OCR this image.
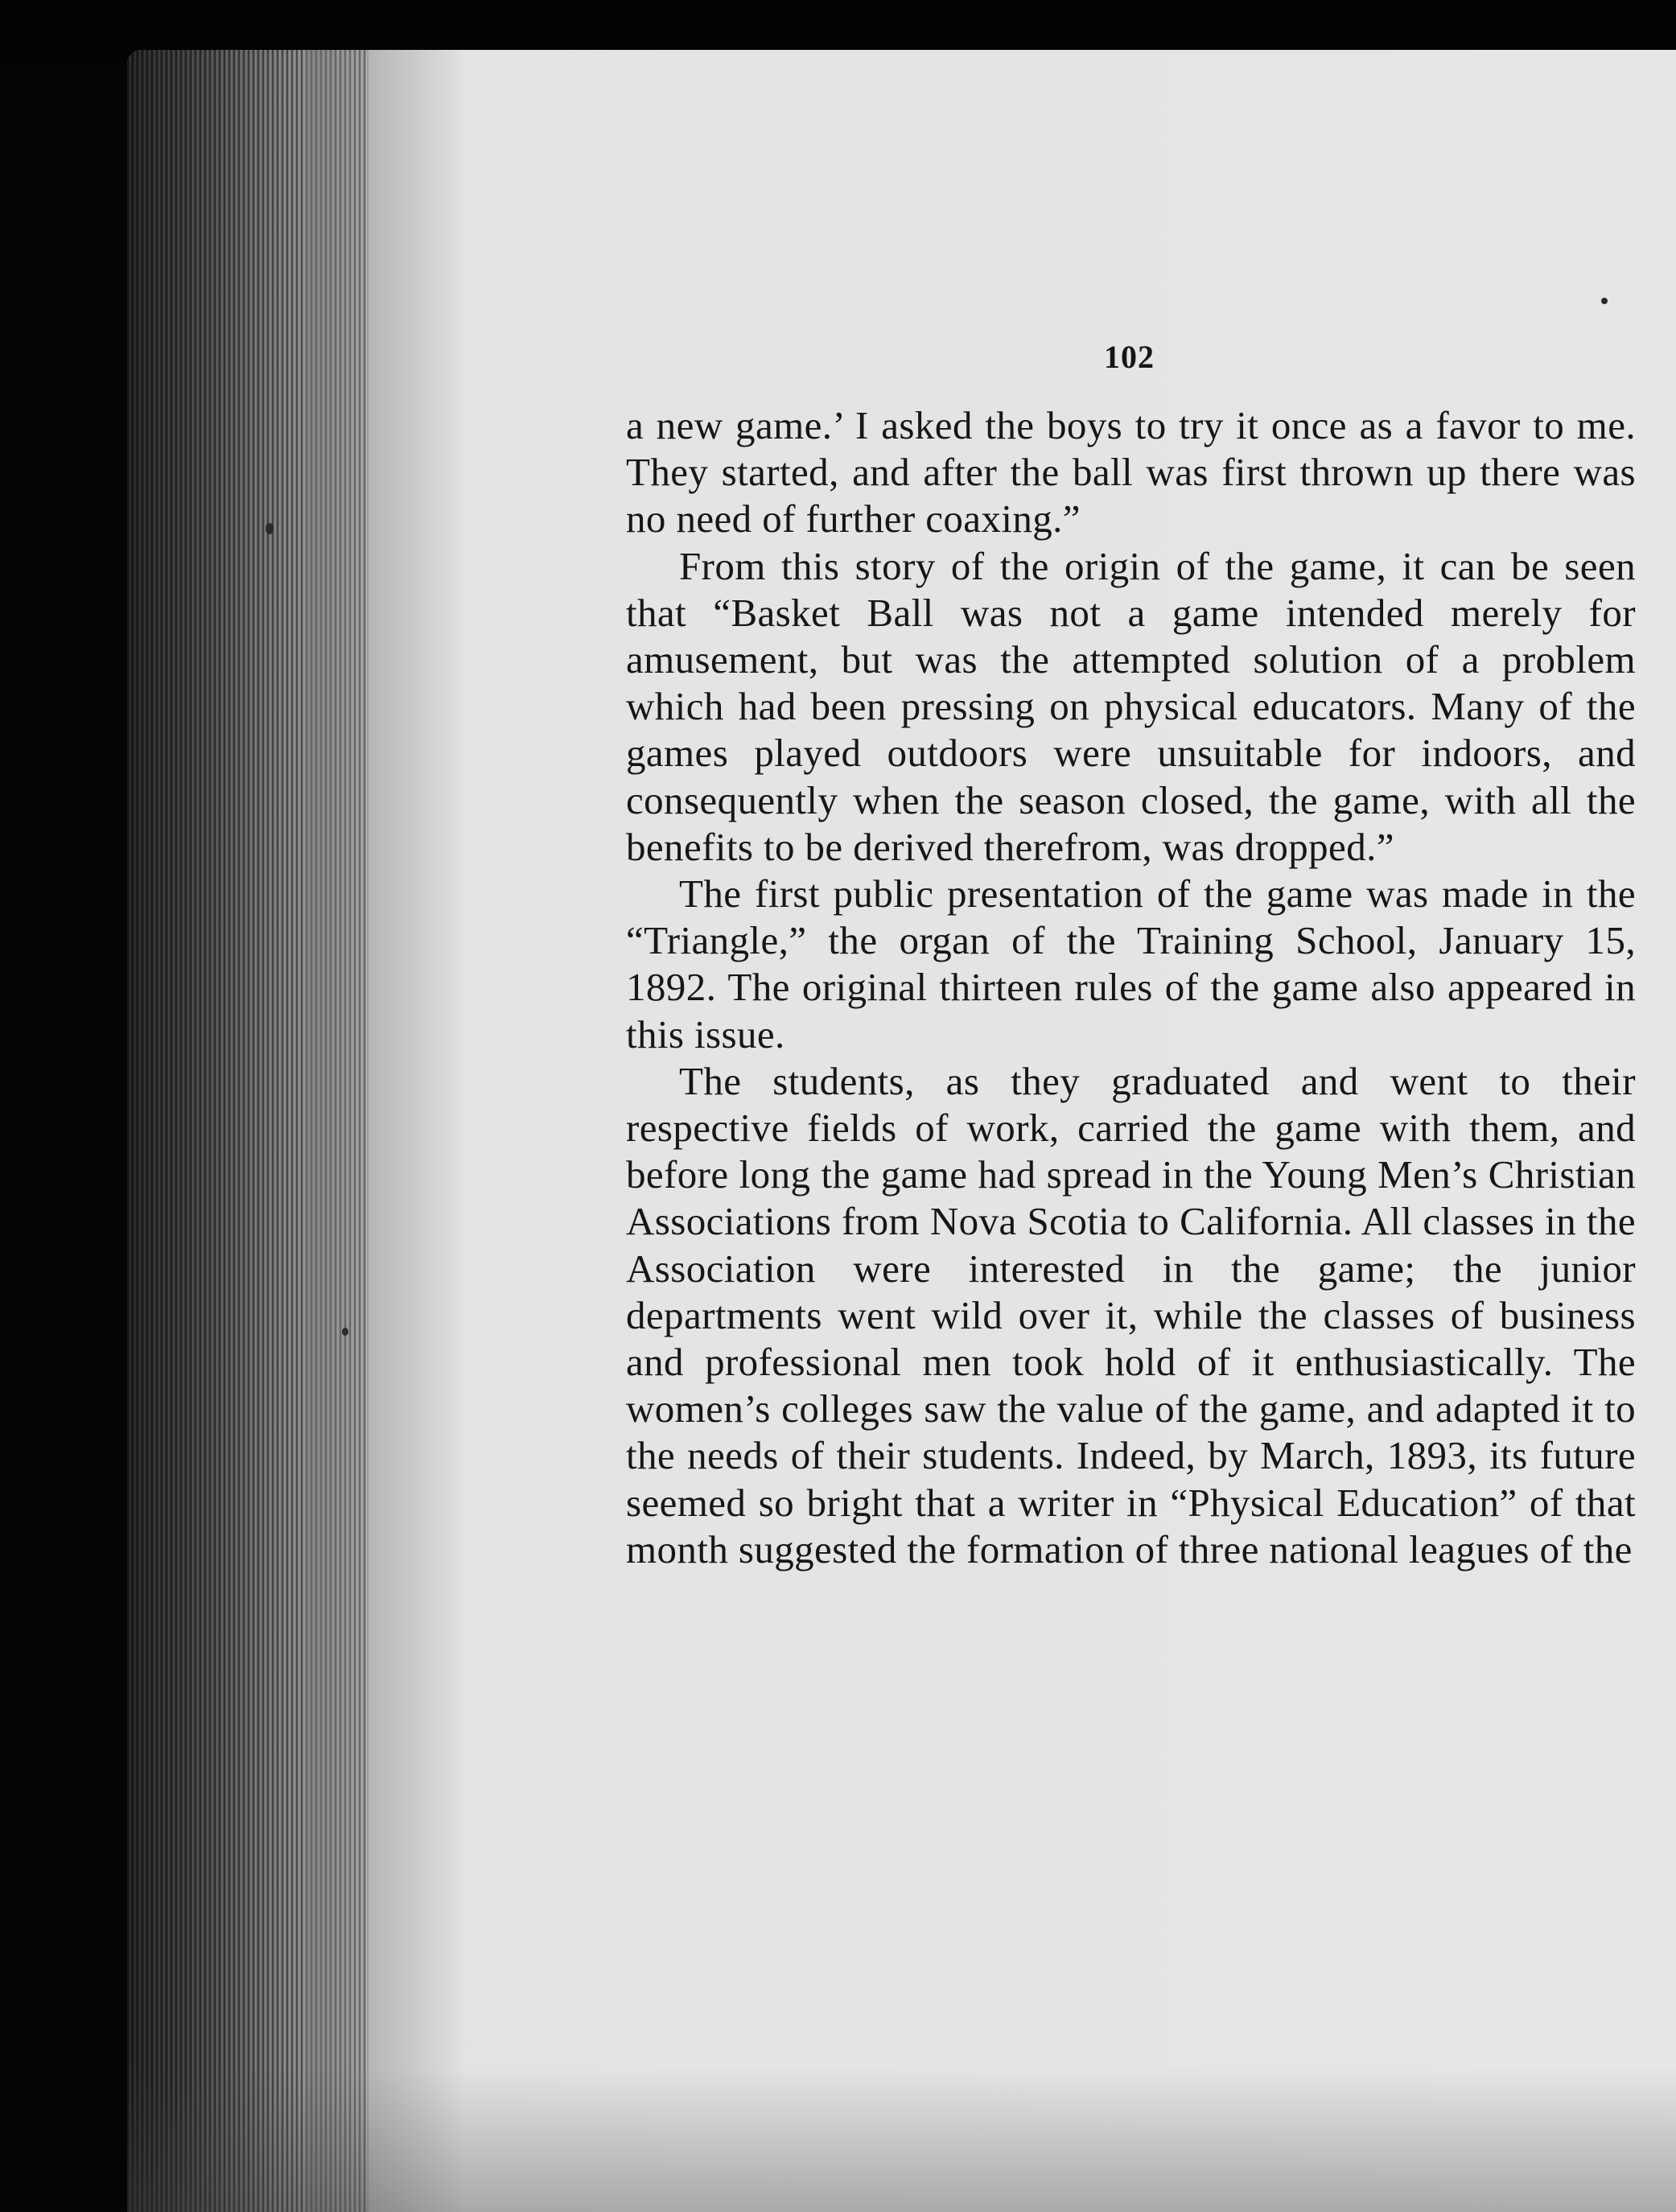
102

a new game.’ I asked the boys to try it once as a favor to me. They started, and after the ball was first thrown up there was no need of further coaxing.”

From this story of the origin of the game, it can be seen that “Basket Ball was not a game intended merely for amusement, but was the attempted solution of a problem which had been pressing on physical educators. Many of the games played outdoors were unsuitable for indoors, and consequently when the season closed, the game, with all the benefits to be derived therefrom, was dropped.”

The first public presentation of the game was made in the “Triangle,” the organ of the Training School, January 15, 1892. The original thirteen rules of the game also appeared in this issue.

The students, as they graduated and went to their respective fields of work, carried the game with them, and before long the game had spread in the Young Men’s Christian Associations from Nova Scotia to California. All classes in the Association were interested in the game; the junior departments went wild over it, while the classes of business and professional men took hold of it enthusiastically. The women’s colleges saw the value of the game, and adapted it to the needs of their students. Indeed, by March, 1893, its future seemed so bright that a writer in “Physical Education” of that month suggested the formation of three national leagues of the
